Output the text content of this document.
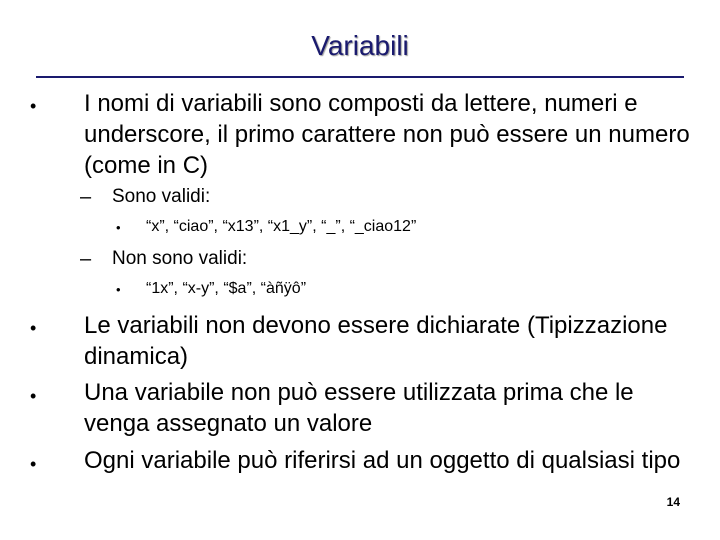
Variabili
• I nomi di variabili sono composti da lettere, numeri e underscore, il primo carattere non può essere un numero (come in C)
– Sono validi:
• “x”, “ciao”, “x13”, “x1_y”, “_”, “_ciao12”
– Non sono validi:
• “1x”, “x-y”, “$a”, “àñÿô”
• Le variabili non devono essere dichiarate (Tipizzazione dinamica)
• Una variabile non può essere utilizzata prima che le venga assegnato un valore
• Ogni variabile può riferirsi ad un oggetto di qualsiasi tipo
14
